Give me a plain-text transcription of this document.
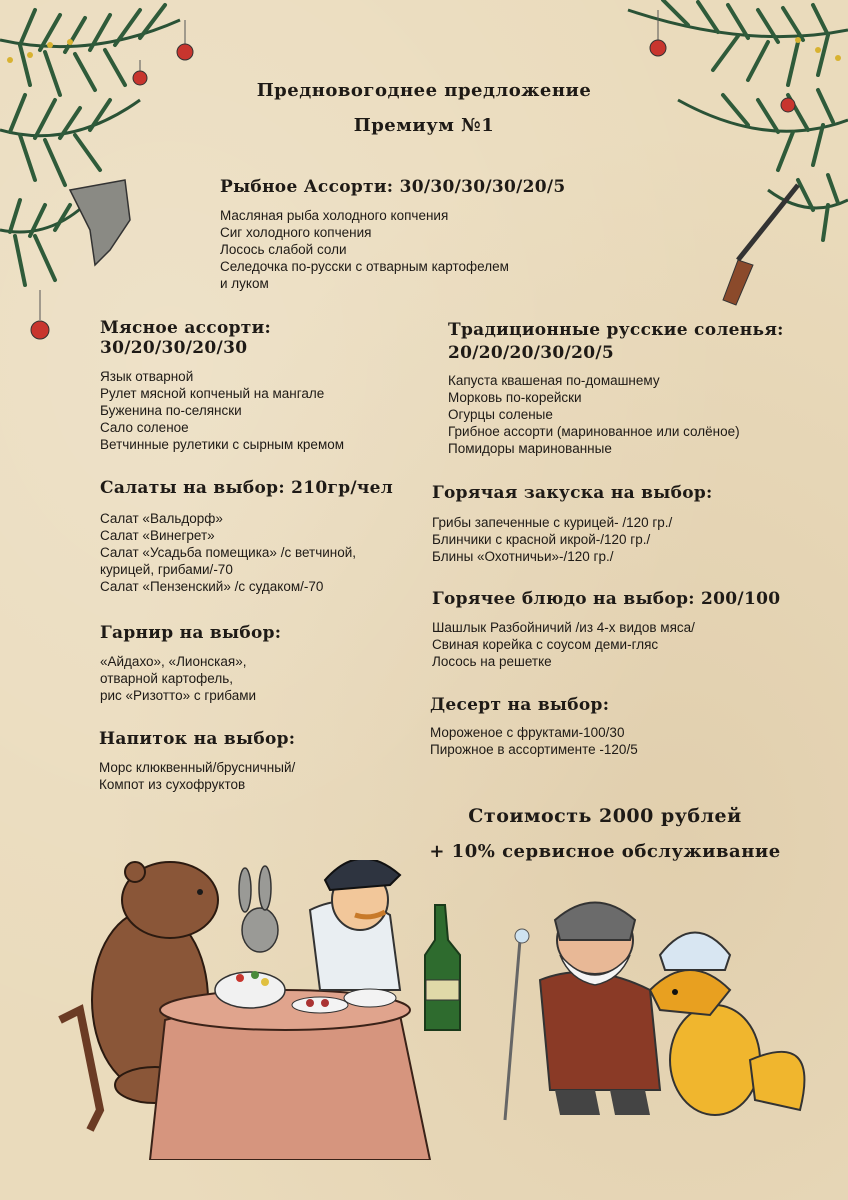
Предновогоднее предложение
Премиум №1
Рыбное Ассорти: 30/30/30/30/20/5
Масляная рыба холодного копчения
Сиг холодного копчения
Лосось слабой соли
Селедочка по-русски с отварным картофелем
и луком
Мясное ассорти: 30/20/30/20/30
Язык отварной
Рулет мясной копченый на мангале
Буженина по-селянски
Сало соленое
Ветчинные рулетики с сырным кремом
Традиционные русские соленья:
20/20/20/30/20/5
Капуста квашеная по-домашнему
Морковь по-корейски
Огурцы соленые
Грибное ассорти (маринованное или солёное)
Помидоры маринованные
Салаты на выбор: 210гр/чел
Салат «Вальдорф»
Салат «Винегрет»
Салат «Усадьба помещика» /с ветчиной,
курицей, грибами/-70
Салат «Пензенский» /с судаком/-70
Горячая закуска на выбор:
Грибы запеченные с курицей- /120 гр./
Блинчики с красной икрой-/120 гр./
Блины «Охотничьи»-/120 гр./
Горячее блюдо на выбор: 200/100
Шашлык Разбойничий /из 4-х видов мяса/
Свиная корейка с соусом деми-гляс
Лосось на решетке
Гарнир на выбор:
«Айдахо», «Лионская»,
отварной картофель,
рис «Ризотто» с грибами	Десерт на выбор:
Мороженое с фруктами-100/30
Пирожное в ассортименте -120/5
Напиток на выбор:
Морс клюквенный/брусничный/
Компот из сухофруктов
Стоимость 2000 рублей
+ 10% сервисное обслуживание
